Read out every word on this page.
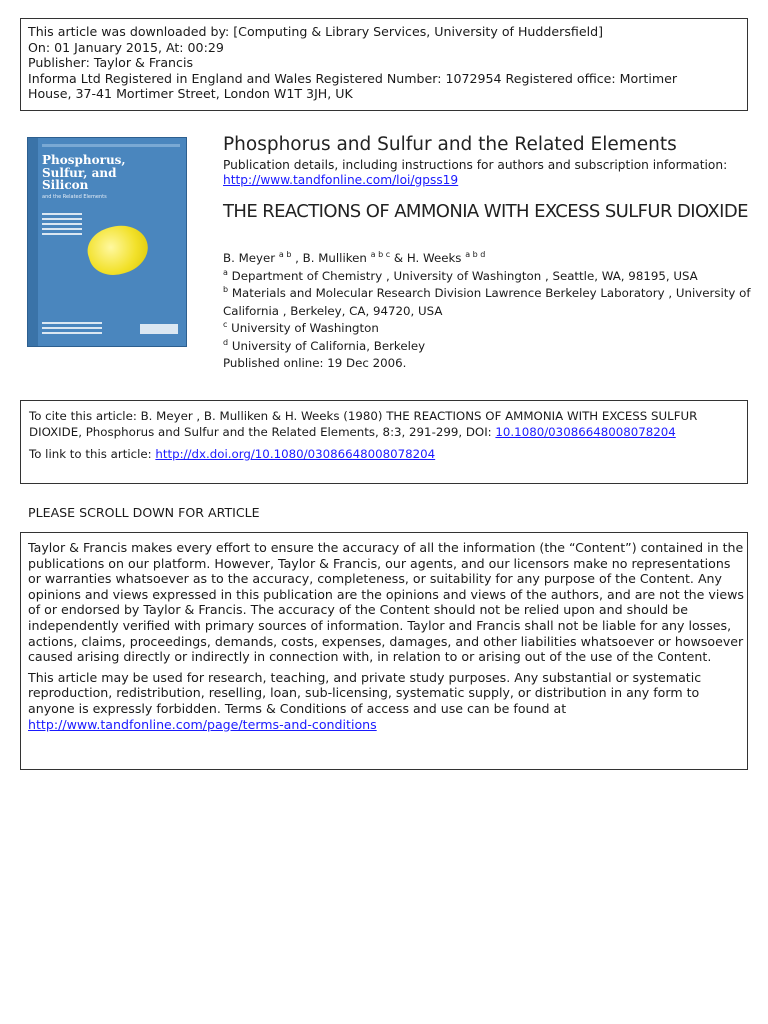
This article was downloaded by: [Computing & Library Services, University of Huddersfield]
On: 01 January 2015, At: 00:29
Publisher: Taylor & Francis
Informa Ltd Registered in England and Wales Registered Number: 1072954 Registered office: Mortimer
House, 37-41 Mortimer Street, London W1T 3JH, UK
Phosphorus,
Sulfur, and
Silicon
and the Related Elements
Phosphorus and Sulfur and the Related Elements
Publication details, including instructions for authors and subscription information:
http://www.tandfonline.com/loi/gpss19
THE REACTIONS OF AMMONIA WITH EXCESS SULFUR DIOXIDE
B. Meyer $^{a b}$ , B. Mulliken $^{a b c}$ & H. Weeks $^{a b d}$
$^a$ Department of Chemistry , University of Washington , Seattle, WA, 98195, USA
$^b$ Materials and Molecular Research Division Lawrence Berkeley Laboratory , University of California , Berkeley, CA, 94720, USA
$^c$ University of Washington
$^d$ University of California, Berkeley
Published online: 19 Dec 2006.

To cite this article: B. Meyer , B. Mulliken & H. Weeks (1980) THE REACTIONS OF AMMONIA WITH EXCESS SULFUR DIOXIDE, Phosphorus and Sulfur and the Related Elements, 8:3, 291-299, DOI: 10.1080/03086648008078204

To link to this article: http://dx.doi.org/10.1080/03086648008078204

PLEASE SCROLL DOWN FOR ARTICLE

Taylor & Francis makes every effort to ensure the accuracy of all the information (the “Content”) contained in the publications on our platform. However, Taylor & Francis, our agents, and our licensors make no representations or warranties whatsoever as to the accuracy, completeness, or suitability for any purpose of the Content. Any opinions and views expressed in this publication are the opinions and views of the authors, and are not the views of or endorsed by Taylor & Francis. The accuracy of the Content should not be relied upon and should be independently verified with primary sources of information. Taylor and Francis shall not be liable for any losses, actions, claims, proceedings, demands, costs, expenses, damages, and other liabilities whatsoever or howsoever caused arising directly or indirectly in connection with, in relation to or arising out of the use of the Content.

This article may be used for research, teaching, and private study purposes. Any substantial or systematic reproduction, redistribution, reselling, loan, sub-licensing, systematic supply, or distribution in any form to anyone is expressly forbidden. Terms & Conditions of access and use can be found at http://www.tandfonline.com/page/terms-and-conditions
